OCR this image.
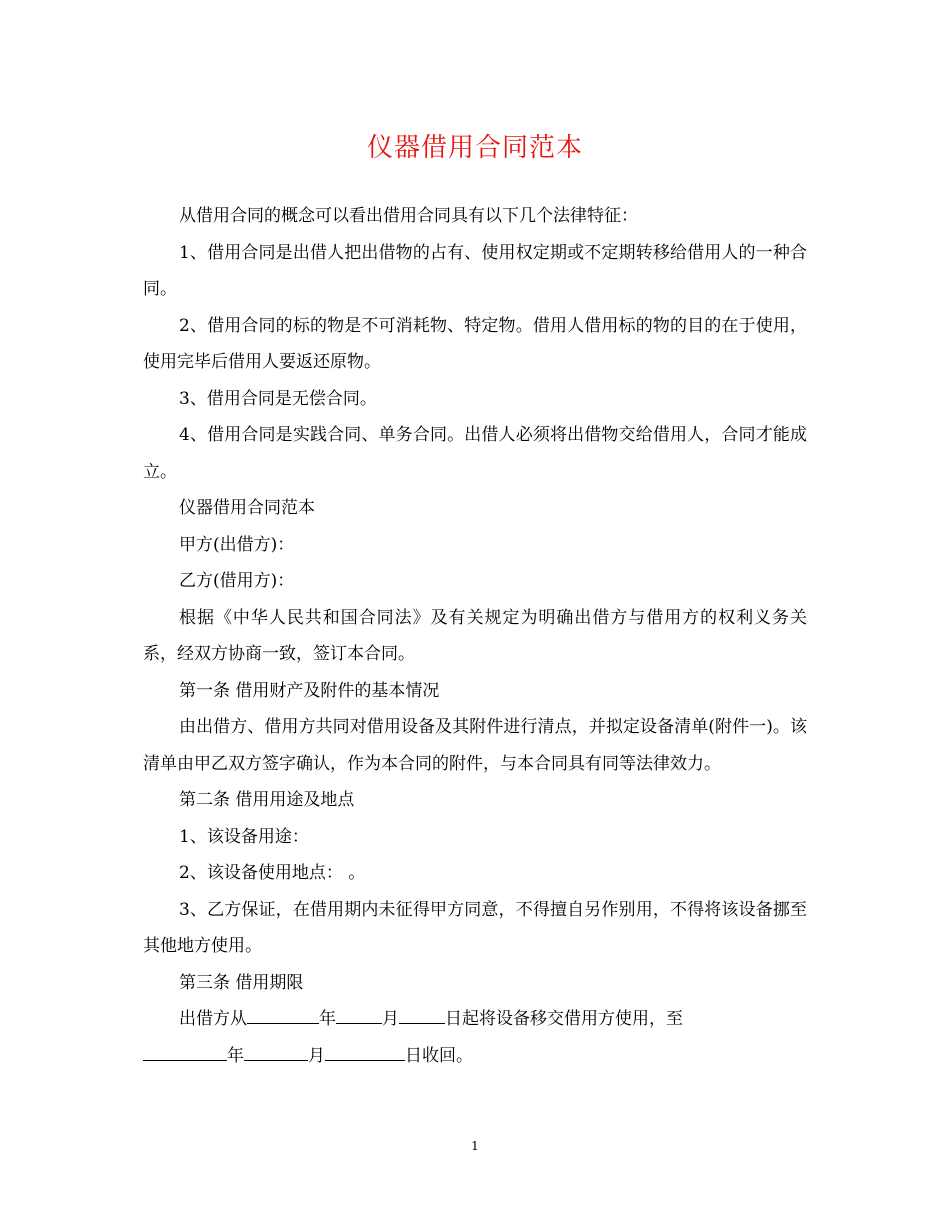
仪器借用合同范本

从借用合同的概念可以看出借用合同具有以下几个法律特征：

1、借用合同是出借人把出借物的占有、使用权定期或不定期转移给借用人的一种合同。

2、借用合同的标的物是不可消耗物、特定物。借用人借用标的物的目的在于使用，使用完毕后借用人要返还原物。

3、借用合同是无偿合同。

4、借用合同是实践合同、单务合同。出借人必须将出借物交给借用人，合同才能成立。

仪器借用合同范本

甲方(出借方)：

乙方(借用方)：

根据《中华人民共和国合同法》及有关规定为明确出借方与借用方的权利义务关系，经双方协商一致，签订本合同。

第一条 借用财产及附件的基本情况

由出借方、借用方共同对借用设备及其附件进行清点，并拟定设备清单(附件一)。该清单由甲乙双方签字确认，作为本合同的附件，与本合同具有同等法律效力。

第二条 借用用途及地点

1、该设备用途：

2、该设备使用地点： 。

3、乙方保证，在借用期内未征得甲方同意，不得擅自另作别用，不得将该设备挪至其他地方使用。

第三条 借用期限

出借方从	年	月	日起将设备移交借用方使用，至
年	月	日收回。

1
